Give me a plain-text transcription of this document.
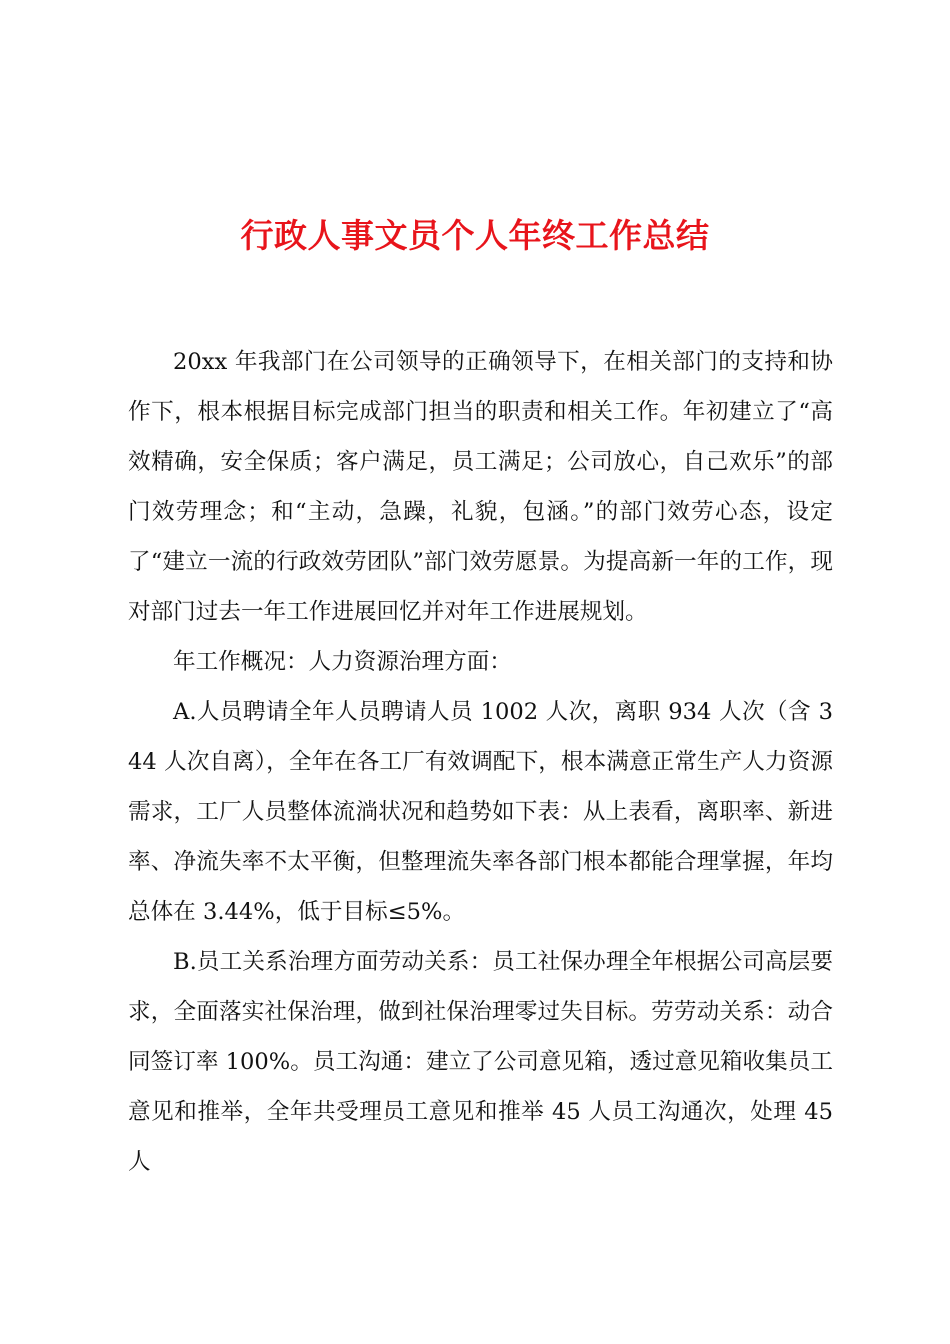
行政人事文员个人年终工作总结

20xx 年我部门在公司领导的正确领导下，在相关部门的支持和协作下，根本根据目标完成部门担当的职责和相关工作。年初建立了“高效精确，安全保质；客户满足，员工满足；公司放心，自己欢乐”的部门效劳理念；和“主动，急躁，礼貌，包涵。”的部门效劳心态，设定了“建立一流的行政效劳团队”部门效劳愿景。为提高新一年的工作，现对部门过去一年工作进展回忆并对年工作进展规划。

年工作概况：人力资源治理方面：

A.人员聘请全年人员聘请人员 1002 人次，离职 934 人次（含 344 人次自离），全年在各工厂有效调配下，根本满意正常生产人力资源需求，工厂人员整体流淌状况和趋势如下表：从上表看，离职率、新进率、净流失率不太平衡，但整理流失率各部门根本都能合理掌握，年均总体在 3.44%，低于目标≤5%。

B.员工关系治理方面劳动关系：员工社保办理全年根据公司高层要求，全面落实社保治理，做到社保治理零过失目标。劳劳动关系：动合同签订率 100%。员工沟通：建立了公司意见箱，透过意见箱收集员工意见和推举，全年共受理员工意见和推举 45 人员工沟通次，处理 45 人
